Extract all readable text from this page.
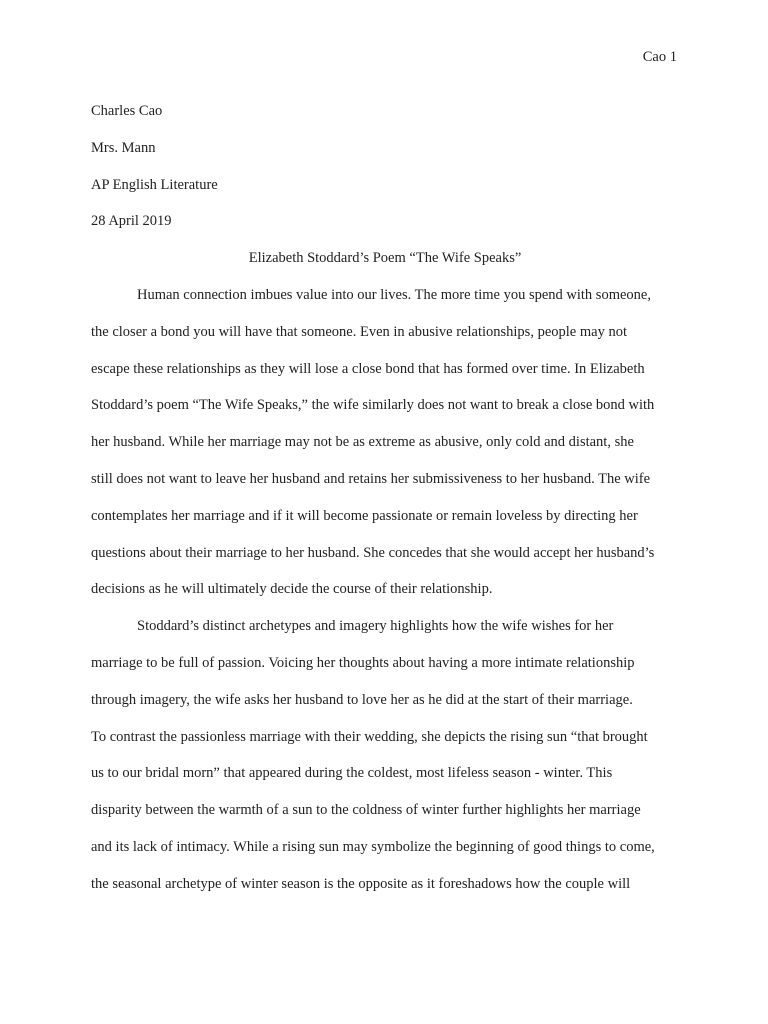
Cao 1

Charles Cao

Mrs. Mann

AP English Literature

28 April 2019

Elizabeth Stoddard’s Poem “The Wife Speaks”

Human connection imbues value into our lives. The more time you spend with someone,
the closer a bond you will have that someone. Even in abusive relationships, people may not
escape these relationships as they will lose a close bond that has formed over time. In Elizabeth
Stoddard’s poem “The Wife Speaks,” the wife similarly does not want to break a close bond with
her husband. While her marriage may not be as extreme as abusive, only cold and distant, she
still does not want to leave her husband and retains her submissiveness to her husband. The wife
contemplates her marriage and if it will become passionate or remain loveless by directing her
questions about their marriage to her husband. She concedes that she would accept her husband’s
decisions as he will ultimately decide the course of their relationship.

Stoddard’s distinct archetypes and imagery highlights how the wife wishes for her
marriage to be full of passion. Voicing her thoughts about having a more intimate relationship
through imagery, the wife asks her husband to love her as he did at the start of their marriage.
To contrast the passionless marriage with their wedding, she depicts the rising sun “that brought
us to our bridal morn” that appeared during the coldest, most lifeless season - winter. This
disparity between the warmth of a sun to the coldness of winter further highlights her marriage
and its lack of intimacy. While a rising sun may symbolize the beginning of good things to come,
the seasonal archetype of winter season is the opposite as it foreshadows how the couple will
